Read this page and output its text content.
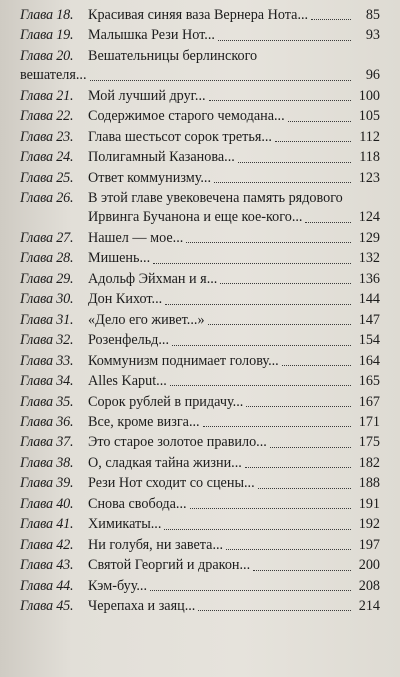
Глава 18.	Красивая синяя ваза Вернера Нота...	85
Глава 19.	Малышка Рези Нот...	93
Глава 20.	Вешательницы берлинского
вешателя...	96
Глава 21.	Мой лучший друг...	100
Глава 22.	Содержимое старого чемодана...	105
Глава 23.	Глава шестьсот сорок третья...	112
Глава 24.	Полигамный Казанова...	118
Глава 25.	Ответ коммунизму...	123
Глава 26.	В этой главе увековечена память рядового
Ирвинга Бучанона и еще кое-кого...	124
Глава 27.	Нашел — мое...	129
Глава 28.	Мишень...	132
Глава 29.	Адольф Эйхман и я...	136
Глава 30.	Дон Кихот...	144
Глава 31.	«Дело его живет...»	147
Глава 32.	Розенфельд...	154
Глава 33.	Коммунизм поднимает голову...	164
Глава 34.	Alles Kaput...	165
Глава 35.	Сорок рублей в придачу...	167
Глава 36.	Все, кроме визга...	171
Глава 37.	Это старое золотое правило...	175
Глава 38.	О, сладкая тайна жизни...	182
Глава 39.	Рези Нот сходит со сцены...	188
Глава 40.	Снова свобода...	191
Глава 41.	Химикаты...	192
Глава 42.	Ни голубя, ни завета...	197
Глава 43.	Святой Георгий и дракон...	200
Глава 44.	Кэм-буу...	208
Глава 45.	Черепаха и заяц...	214
